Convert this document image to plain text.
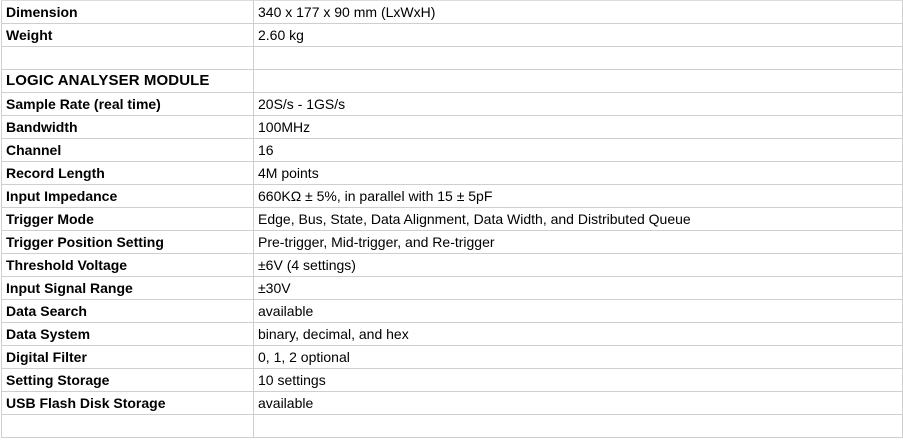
Dimension	340 x 177 x 90 mm (LxWxH)
Weight	2.60 kg

LOGIC ANALYSER MODULE	
Sample Rate (real time)	20S/s - 1GS/s
Bandwidth	100MHz
Channel	16
Record Length	4M points
Input Impedance	660KΩ ± 5%, in parallel with 15 ± 5pF
Trigger Mode	Edge, Bus, State, Data Alignment, Data Width, and Distributed Queue
Trigger Position Setting	Pre-trigger, Mid-trigger, and Re-trigger
Threshold Voltage	±6V (4 settings)
Input Signal Range	±30V
Data Search	available
Data System	binary, decimal, and hex
Digital Filter	0, 1, 2 optional
Setting Storage	10 settings
USB Flash Disk Storage	available
